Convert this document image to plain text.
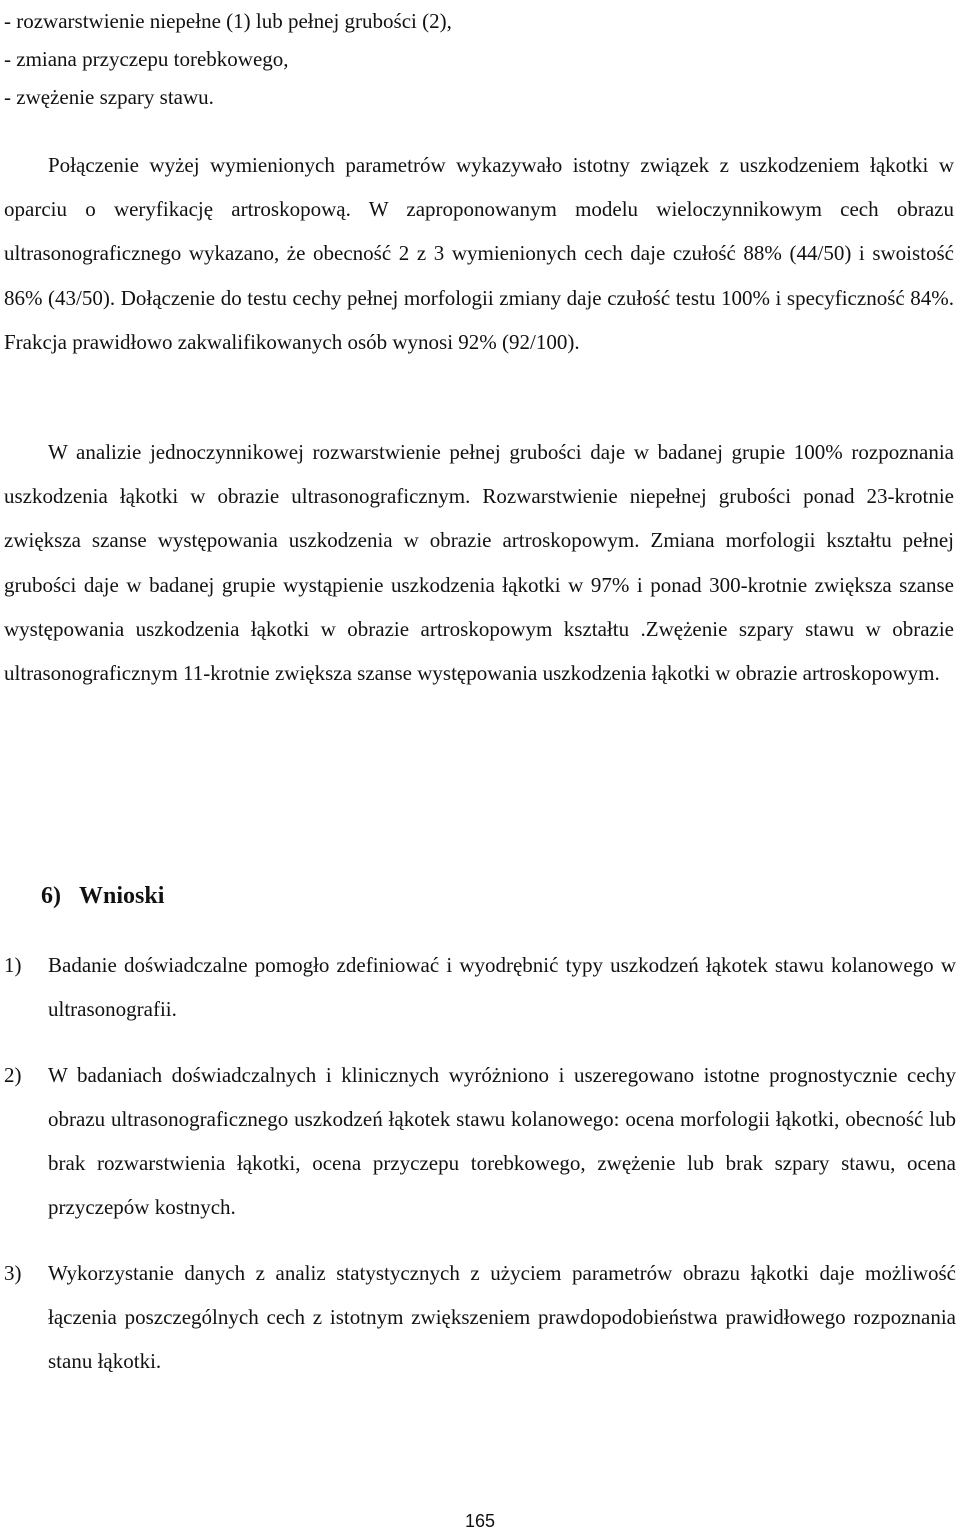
- rozwarstwienie niepełne (1) lub pełnej grubości (2),
- zmiana przyczepu torebkowego,
- zwężenie szpary stawu.

Połączenie wyżej wymienionych parametrów wykazywało istotny związek z uszkodzeniem łąkotki w oparciu o weryfikację artroskopową. W zaproponowanym modelu wieloczynnikowym cech obrazu ultrasonograficznego wykazano, że obecność 2 z 3 wymienionych cech daje czułość 88% (44/50) i swoistość 86% (43/50). Dołączenie do testu cechy pełnej morfologii zmiany daje czułość testu 100% i specyficzność 84%. Frakcja prawidłowo zakwalifikowanych osób wynosi 92% (92/100).

W analizie jednoczynnikowej rozwarstwienie pełnej grubości daje w badanej grupie 100% rozpoznania uszkodzenia łąkotki w obrazie ultrasonograficznym. Rozwarstwienie niepełnej grubości ponad 23-krotnie zwiększa szanse występowania uszkodzenia w obrazie artroskopowym. Zmiana morfologii kształtu pełnej grubości daje w badanej grupie wystąpienie uszkodzenia łąkotki w 97% i ponad 300-krotnie zwiększa szanse występowania uszkodzenia łąkotki w obrazie artroskopowym kształtu .Zwężenie szpary stawu w obrazie ultrasonograficznym 11-krotnie zwiększa szanse występowania uszkodzenia łąkotki w obrazie artroskopowym.

6) Wnioski
1) Badanie doświadczalne pomogło zdefiniować i wyodrębnić typy uszkodzeń łąkotek stawu kolanowego w ultrasonografii.
2) W badaniach doświadczalnych i klinicznych wyróżniono i uszeregowano istotne prognostycznie cechy obrazu ultrasonograficznego uszkodzeń łąkotek stawu kolanowego: ocena morfologii łąkotki, obecność lub brak rozwarstwienia łąkotki, ocena przyczepu torebkowego, zwężenie lub brak szpary stawu, ocena przyczepów kostnych.
3) Wykorzystanie danych z analiz statystycznych z użyciem parametrów obrazu łąkotki daje możliwość łączenia poszczególnych cech z istotnym zwiększeniem prawdopodobieństwa prawidłowego rozpoznania stanu łąkotki.
165
